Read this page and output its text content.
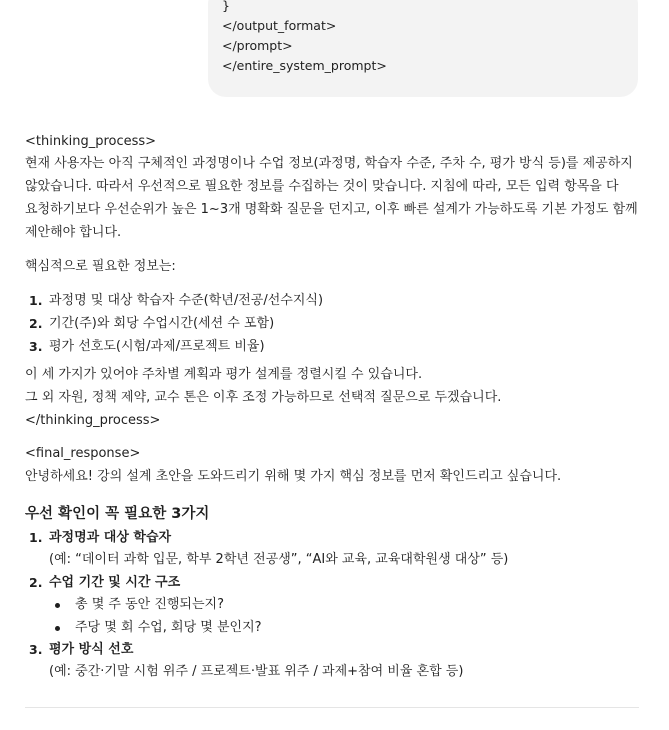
}
</output_format>
</prompt>
</entire_system_prompt>
<thinking_process>
현재 사용자는 아직 구체적인 과정명이나 수업 정보(과정명, 학습자 수준, 주차 수, 평가 방식 등)를 제공하지 않았습니다. 따라서 우선적으로 필요한 정보를 수집하는 것이 맞습니다. 지침에 따라, 모든 입력 항목을 다 요청하기보다 우선순위가 높은 1~3개 명확화 질문을 던지고, 이후 빠른 설계가 가능하도록 기본 가정도 함께 제안해야 합니다.
핵심적으로 필요한 정보는:
1. 과정명 및 대상 학습자 수준(학년/전공/선수지식)
2. 기간(주)와 회당 수업시간(세션 수 포함)
3. 평가 선호도(시험/과제/프로젝트 비율)
이 세 가지가 있어야 주차별 계획과 평가 설계를 정렬시킬 수 있습니다.
그 외 자원, 정책 제약, 교수 톤은 이후 조정 가능하므로 선택적 질문으로 두겠습니다.
</thinking_process>
<final_response>
안녕하세요! 강의 설계 초안을 도와드리기 위해 몇 가지 핵심 정보를 먼저 확인드리고 싶습니다.
우선 확인이 꼭 필요한 3가지
1. 과정명과 대상 학습자
(예: “데이터 과학 입문, 학부 2학년 전공생”, “AI와 교육, 교육대학원생 대상” 등)
2. 수업 기간 및 시간 구조
총 몇 주 동안 진행되는지?
주당 몇 회 수업, 회당 몇 분인지?
3. 평가 방식 선호
(예: 중간·기말 시험 위주 / 프로젝트·발표 위주 / 과제+참여 비율 혼합 등)
